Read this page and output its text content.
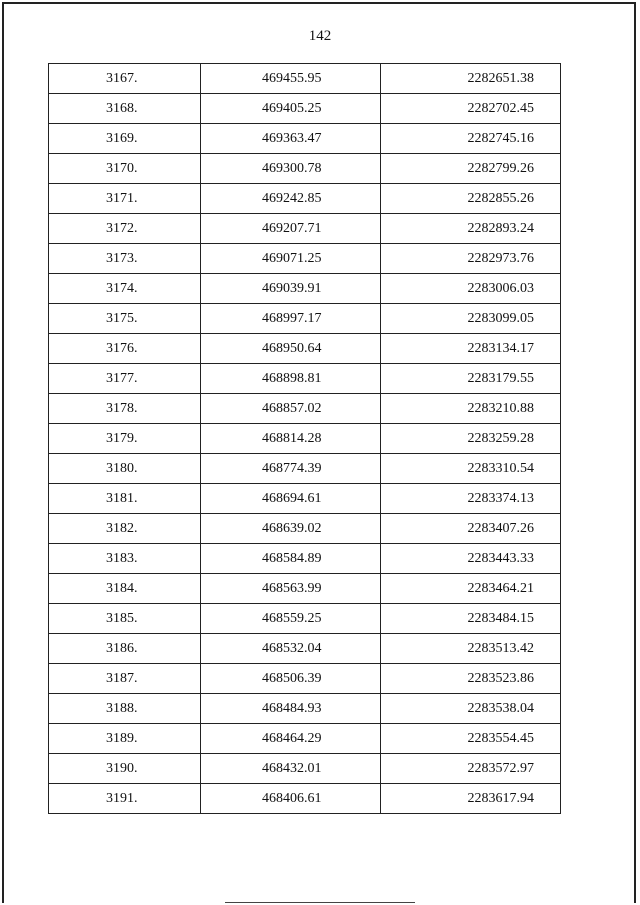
142
3167.	469455.95	2282651.38
3168.	469405.25	2282702.45
3169.	469363.47	2282745.16
3170.	469300.78	2282799.26
3171.	469242.85	2282855.26
3172.	469207.71	2282893.24
3173.	469071.25	2282973.76
3174.	469039.91	2283006.03
3175.	468997.17	2283099.05
3176.	468950.64	2283134.17
3177.	468898.81	2283179.55
3178.	468857.02	2283210.88
3179.	468814.28	2283259.28
3180.	468774.39	2283310.54
3181.	468694.61	2283374.13
3182.	468639.02	2283407.26
3183.	468584.89	2283443.33
3184.	468563.99	2283464.21
3185.	468559.25	2283484.15
3186.	468532.04	2283513.42
3187.	468506.39	2283523.86
3188.	468484.93	2283538.04
3189.	468464.29	2283554.45
3190.	468432.01	2283572.97
3191.	468406.61	2283617.94
